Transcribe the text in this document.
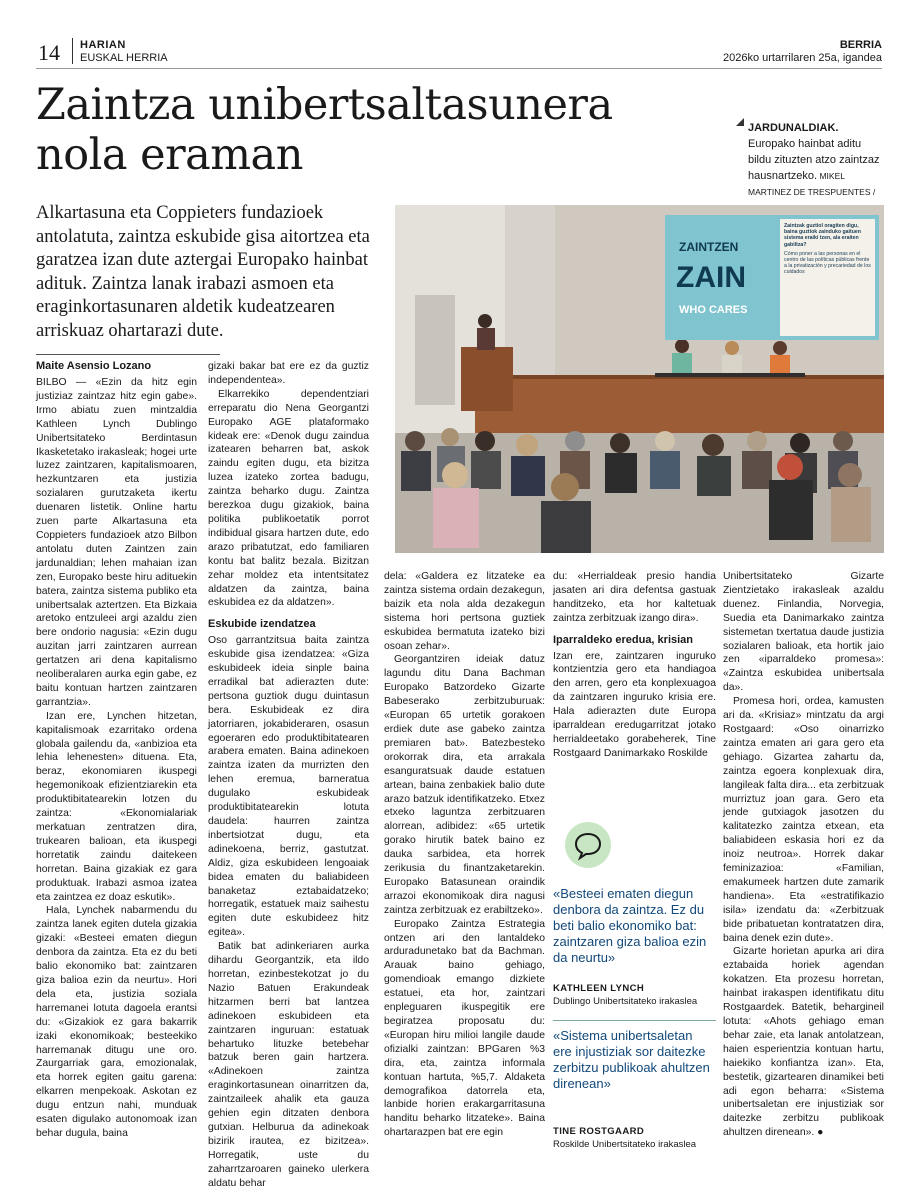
14 HARIAN
EUSKAL HERRIA
BERRIA
2026ko urtarrilaren 25a, igandea
Zaintza unibertsaltasunera nola eraman
JARDUNALDIAK. Europako hainbat aditu bildu zituzten atzo zaintzaz hausnartzeko. MIKEL MARTINEZ DE TRESPUENTES /

Alkartasuna eta Coppieters fundazioek antolatuta, zaintza eskubide gisa aitortzea eta garatzea izan dute aztergai Europako hainbat adituk. Zaintza lanak irabazi asmoen eta eraginkortasunaren aldetik kudeatzearen arriskuaz ohartarazi dute.

ZAINTZEN
ZAIN
WHO CARES
Zaintzak guztiol oragiten digu, baina guztiok zainduko gaituen sistema eraiki tzen, ala eraiten gabiltza?
Cómo poner a las personas en el centro de las políticas públicas frente a la privatización y precariedad de los cuidados
Maite Asensio Lozano

BILBO — «Ezin da hitz egin justiziaz zaintzaz hitz egin gabe». Irmo abiatu zuen mintzaldia Kathleen Lynch Dublingo Unibertsitateko Berdintasun Ikasketetako irakasleak; hogei urte luzez zaintzaren, kapitalismoaren, hezkuntzaren eta justizia sozialaren gurutzaketa ikertu duenaren listetik. Online hartu zuen parte Alkartasuna eta Coppieters fundazioek atzo Bilbon antolatu duten Zaintzen zain jardunaldian; lehen mahaian izan zen, Europako beste hiru adituekin batera, zaintza sistema publiko eta unibertsalak aztertzen. Eta Bizkaia aretoko entzuleei argi azaldu zien bere ondorio nagusia: «Ezin dugu auzitan jarri zaintzaren aurrean gertatzen ari dena kapitalismo neoliberalaren aurka egin gabe, ez baitu kontuan hartzen zaintzaren garrantzia».

Izan ere, Lynchen hitzetan, kapitalismoak ezarritako ordena globala gailendu da, «anbizioa eta lehia lehenesten» dituena. Eta, beraz, ekonomiaren ikuspegi hegemonikoak efizientziarekin eta produktibitatearekin lotzen du zaintza: «Ekonomialariak merkatuan zentratzen dira, trukearen balioan, eta ikuspegi horretatik zaindu daitekeen horretan. Baina gizakiak ez gara produktuak. Irabazi asmoa izatea eta zaintzea ez doaz eskutik».

Hala, Lynchek nabarmendu du zaintza lanek egiten dutela gizakia gizaki: «Besteei ematen diegun denbora da zaintza. Eta ez du beti balio ekonomiko bat: zaintzaren giza balioa ezin da neurtu». Hori dela eta, justizia soziala harremanei lotuta dagoela erantsi du: «Gizakiok ez gara bakarrik izaki ekonomikoak; besteekiko harremanak ditugu une oro. Zaurgarriak gara, emozionalak, eta horrek egiten gaitu garena: elkarren menpekoak. Askotan ez dugu entzun nahi, munduak esaten digulako autonomoak izan behar dugula, baina

gizaki bakar bat ere ez da guztiz independentea».

Elkarrekiko dependentziari erreparatu dio Nena Georgantzi Europako AGE plataformako kideak ere: «Denok dugu zaindua izatearen beharren bat, askok zaindu egiten dugu, eta bizitza luzea izateko zortea badugu, zaintza beharko dugu. Zaintza berezkoa dugu gizakiok, baina politika publikoetatik porrot indibidual gisara hartzen dute, edo arazo pribatutzat, edo familiaren kontu bat balitz bezala. Bizitzan zehar moldez eta intentsitatez aldatzen da zaintza, baina eskubidea ez da aldatzen».

Eskubide izendatzea

Oso garrantzitsua baita zaintza eskubide gisa izendatzea: «Giza eskubideek ideia sinple baina erradikal bat adierazten dute: pertsona guztiok dugu duintasun bera. Eskubideak ez dira jatorriaren, jokabideraren, osasun egoeraren edo produktibitatearen arabera ematen. Baina adinekoen zaintza izaten da murrizten den lehen eremua, barneratua dugulako eskubideak produktibitatearekin lotuta daudela: haurren zaintza inbertsiotzat dugu, eta adinekoena, berriz, gastutzat. Aldiz, giza eskubideen lengoaiak bidea ematen du baliabideen banaketaz eztabaidatzeko; horregatik, estatuek maiz saihestu egiten dute eskubideez hitz egitea».

Batik bat adinkeriaren aurka dihardu Georgantzik, eta ildo horretan, ezinbestekotzat jo du Nazio Batuen Erakundeak hitzarmen berri bat lantzea adinekoen eskubideen eta zaintzaren inguruan: estatuak behartuko lituzke betebehar batzuk beren gain hartzera. «Adinekoen zaintza eraginkortasunean oinarritzen da, zaintzaileek ahalik eta gauza gehien egin ditzaten denbora gutxian. Helburua da adinekoak bizirik irautea, ez bizitzea». Horregatik, uste du zaharrtzaroaren gaineko ulerkera aldatu behar

dela: «Galdera ez litzateke ea zaintza sistema ordain dezakegun, baizik eta nola alda dezakegun sistema hori pertsona guztiek eskubidea bermatuta izateko bizi osoan zehar».

Georgantziren ideiak datuz lagundu ditu Dana Bachman Europako Batzordeko Gizarte Babeserako zerbitzuburuak: «Europan 65 urtetik gorakoen erdiek dute ase gabeko zaintza premiaren bat». Batezbesteko orokorrak dira, eta arrakala esanguratsuak daude estatuen artean, baina zenbakiek balio dute arazo batzuk identifikatzeko. Etxez etxeko laguntza zerbitzuaren alorrean, adibidez: «65 urtetik gorako hirutik batek baino ez dauka sarbidea, eta horrek zerikusia du finantzaketarekin. Europako Batasunean oraindik arrazoi ekonomikoak dira nagusi zaintza zerbitzuak ez erabiltzeko».

Europako Zaintza Estrategia ontzen ari den lantaldeko arduradunetako bat da Bachman. Arauak baino gehiago, gomendioak emango dizkiete estatuei, eta hor, zaintzari enpleguaren ikuspegitik ere begiratzea proposatu du: «Europan hiru milioi langile daude ofizialki zaintzan: BPGaren %3 dira, eta, zaintza informala kontuan hartuta, %5,7. Aldaketa demografikoa datorrela eta, lanbide horien erakargarritasuna handitu beharko litzateke». Baina ohartarazpen bat ere egin

du: «Herrialdeak presio handia jasaten ari dira defentsa gastuak handitzeko, eta hor kaltetuak zaintza zerbitzuak izango dira».

Iparraldeko eredua, krisian

Izan ere, zaintzaren inguruko kontzientzia gero eta handiagoa den arren, gero eta konplexuagoa da zaintzaren inguruko krisia ere. Hala adierazten dute Europa iparraldean eredugarritzat jotako herrialdeetako gorabeherek, Tine Rostgaard Danimarkako Roskilde

Unibertsitateko Gizarte Zientzietako irakasleak azaldu duenez. Finlandia, Norvegia, Suedia eta Danimarkako zaintza sistemetan txertatua daude justizia sozialaren balioak, eta hortik jaio zen «iparraldeko promesa»: «Zaintza eskubidea unibertsala da».

Promesa hori, ordea, kamusten ari da. «Krisiaz» mintzatu da argi Rostgaard: «Oso oinarrizko zaintza ematen ari gara gero eta gehiago. Gizartea zahartu da, zaintza egoera konplexuak dira, langileak falta dira... eta zerbitzuak murriztuz joan gara. Gero eta jende gutxiagok jasotzen du kalitatezko zaintza etxean, eta baliabideen eskasia hori ez da inoiz neutroa». Horrek dakar feminizazioa: «Familian, emakumeek hartzen dute zamarik handiena». Eta «estratifikazio isila» izendatu da: «Zerbitzuak bide pribatuetan kontratatzen dira, baina denek ezin dute».

Gizarte horietan apurka ari dira eztabaida horiek agendan kokatzen. Eta prozesu horretan, hainbat irakaspen identifikatu ditu Rostgaardek. Batetik, behargineil lotuta: «Ahots gehiago eman behar zaie, eta lanak antolatzean, haien esperientzia kontuan hartu, haiekiko konfiantza izan». Eta, bestetik, gizartearen dinamikei beti adi egon beharra: «Sistema unibertsaletan ere injustiziak sor daitezke zerbitzu publikoak ahultzen direnean». ●

«Besteei ematen diegun denbora da zaintza. Ez du beti balio ekonomiko bat: zaintzaren giza balioa ezin da neurtu»
KATHLEEN LYNCH
Dublingo Unibertsitateko irakaslea
«Sistema unibertsaletan ere injustiziak sor daitezke zerbitzu publikoak ahultzen direnean»
TINE ROSTGAARD
Roskilde Unibertsitateko irakaslea
